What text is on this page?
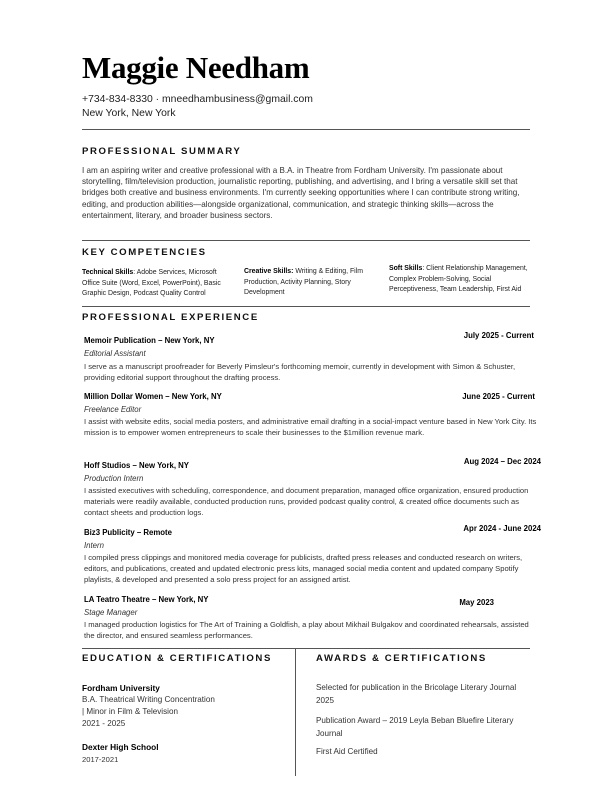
Maggie Needham
+734-834-8330 · mneedhambusiness@gmail.com
New York, New York
PROFESSIONAL SUMMARY
I am an aspiring writer and creative professional with a B.A. in Theatre from Fordham University. I'm passionate about storytelling, film/television production, journalistic reporting, publishing, and advertising, and I bring a versatile skill set that bridges both creative and business environments. I'm currently seeking opportunities where I can contribute strong writing, editing, and production abilities—alongside organizational, communication, and strategic thinking skills—across the entertainment, literary, and broader business sectors.
KEY COMPETENCIES
Technical Skills: Adobe Services, Microsoft Office Suite (Word, Excel, PowerPoint), Basic Graphic Design, Podcast Quality Control
Creative Skills: Writing & Editing, Film Production, Activity Planning, Story Development
Soft Skills: Client Relationship Management, Complex Problem-Solving, Social Perceptiveness, Team Leadership, First Aid
PROFESSIONAL EXPERIENCE
Memoir Publication – New York, NY
July 2025 - Current
Editorial Assistant
I serve as a manuscript proofreader for Beverly Pimsleur's forthcoming memoir, currently in development with Simon & Schuster, providing editorial support throughout the drafting process.
Million Dollar Women – New York, NY	June 2025 - Current
Freelance Editor
I assist with website edits, social media posters, and administrative email drafting in a social-impact venture based in New York City. Its mission is to empower women entrepreneurs to scale their businesses to the $1million revenue mark.
Hoff Studios – New York, NY	Aug 2024 – Dec 2024
Production Intern
I assisted executives with scheduling, correspondence, and document preparation, managed office organization, ensured production materials were readily available, conducted production runs, provided podcast quality control, & created office documents such as contact sheets and production logs.
Biz3 Publicity – Remote	Apr 2024 - June 2024
Intern
I compiled press clippings and monitored media coverage for publicists, drafted press releases and conducted research on writers, editors, and publications, created and updated electronic press kits, managed social media content and updated company Spotify playlists, & developed and presented a solo press project for an assigned artist.
LA Teatro Theatre – New York, NY	May 2023
Stage Manager
I managed production logistics for The Art of Training a Goldfish, a play about Mikhail Bulgakov and coordinated rehearsals, assisted the director, and ensured seamless performances.
EDUCATION & CERTIFICATIONS
Fordham University
B.A. Theatrical Writing Concentration
| Minor in Film & Television
2021 - 2025
Dexter High School
2017-2021
AWARDS & CERTIFICATIONS
Selected for publication in the Bricolage Literary Journal 2025
Publication Award – 2019 Leyla Beban Bluefire Literary Journal
First Aid Certified
